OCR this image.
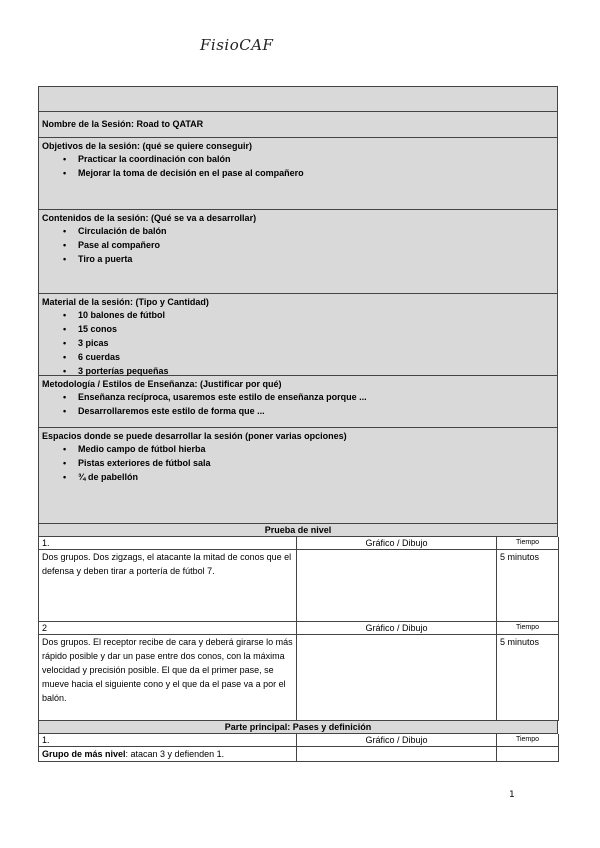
FisioCAF
Nombre de la Sesión: Road to QATAR
Objetivos de la sesión: (qué se quiere conseguir)
• Practicar la coordinación con balón
• Mejorar la toma de decisión en el pase al compañero
Contenidos de la sesión: (Qué se va a desarrollar)
• Circulación de balón
• Pase al compañero
• Tiro a puerta
Material de la sesión: (Tipo y Cantidad)
• 10 balones de fútbol
• 15 conos
• 3 picas
• 6 cuerdas
• 3 porterías pequeñas
Metodología / Estilos de Enseñanza: (Justificar por qué)
• Enseñanza recíproca, usaremos este estilo de enseñanza porque ...
• Desarrollaremos este estilo de forma que ...
Espacios donde se puede desarrollar la sesión (poner varias opciones)
• Medio campo de fútbol hierba
• Pistas exteriores de fútbol sala
• ¾ de pabellón
Prueba de nivel
1.	Gráfico / Dibujo	Tiempo
Dos grupos. Dos zigzags, el atacante la mitad de conos que el defensa y deben tirar a portería de fútbol 7.		5 minutos
2	Gráfico / Dibujo	Tiempo
Dos grupos. El receptor recibe de cara y deberá girarse lo más rápido posible y dar un pase entre dos conos, con la máxima velocidad y precisión posible. El que da el primer pase, se mueve hacia el siguiente cono y el que da el pase va a por el balón.		5 minutos
Parte principal: Pases y definición
1.	Gráfico / Dibujo	Tiempo
Grupo de más nivel: atacan 3 y defienden 1.		
1
